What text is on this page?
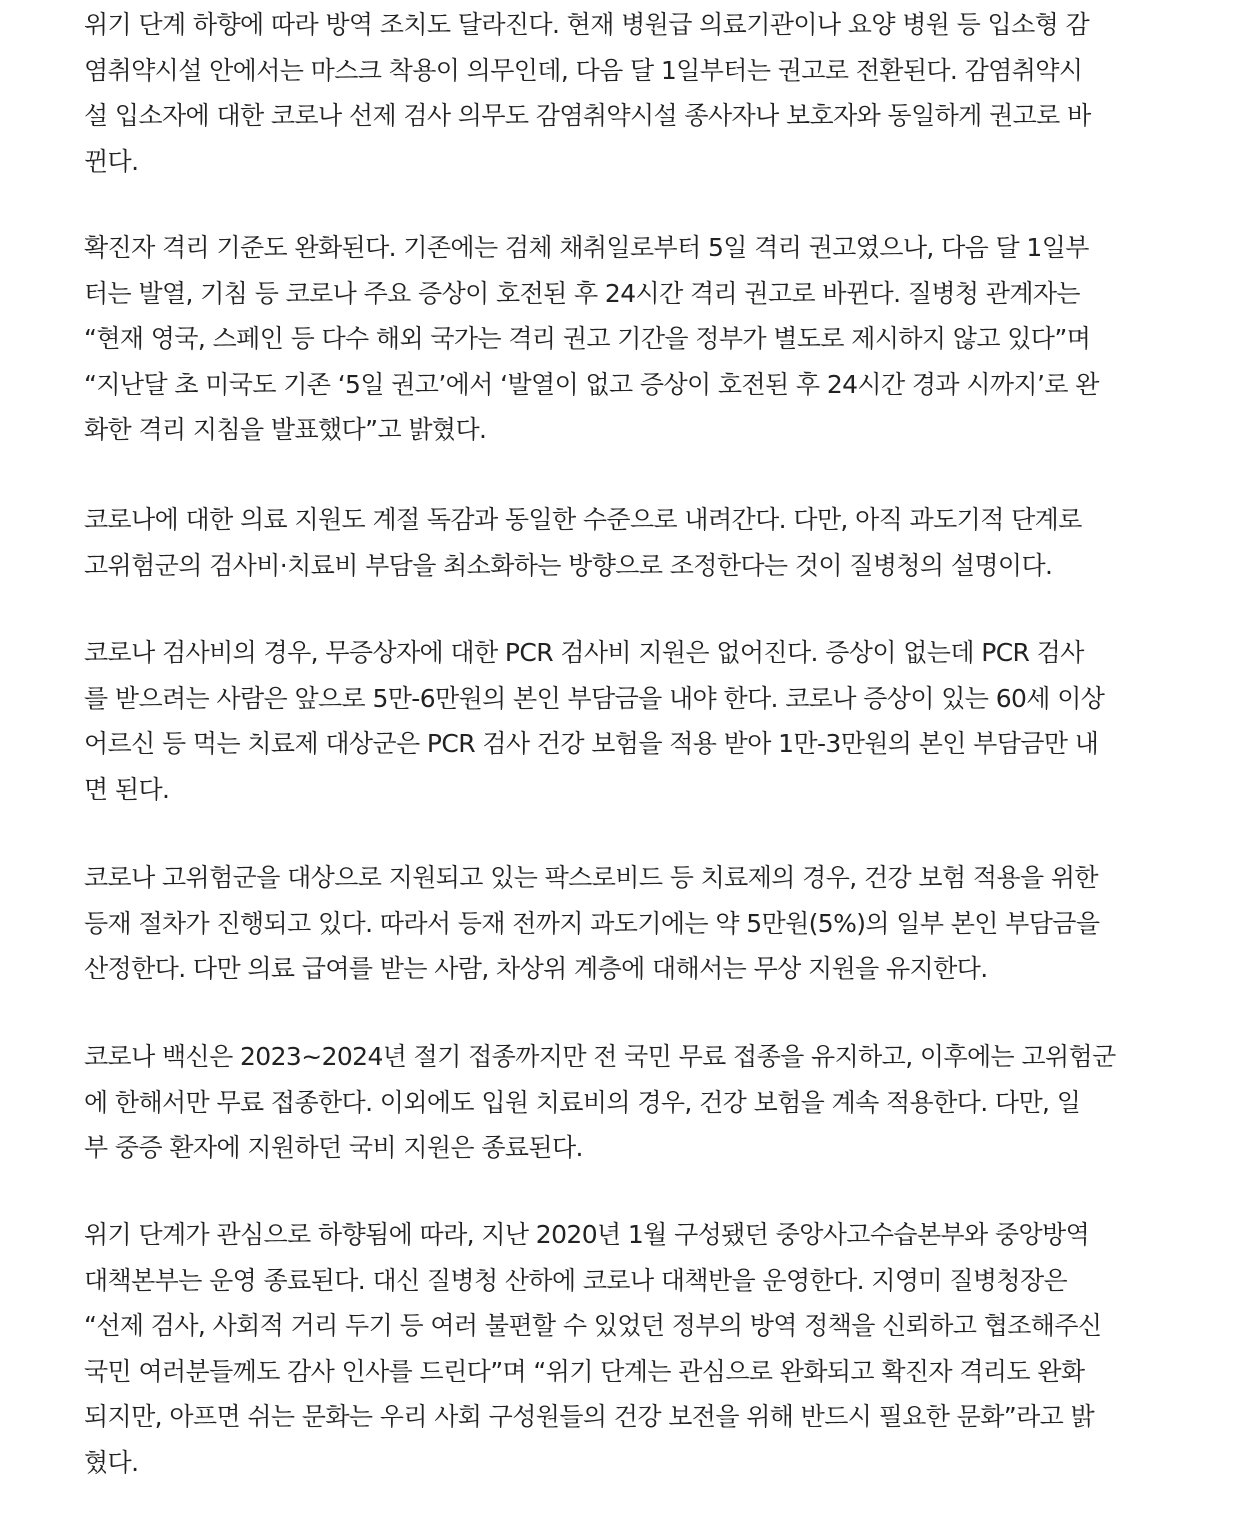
위기 단계 하향에 따라 방역 조치도 달라진다. 현재 병원급 의료기관이나 요양 병원 등 입소형 감
염취약시설 안에서는 마스크 착용이 의무인데, 다음 달 1일부터는 권고로 전환된다. 감염취약시
설 입소자에 대한 코로나 선제 검사 의무도 감염취약시설 종사자나 보호자와 동일하게 권고로 바
뀐다.

확진자 격리 기준도 완화된다. 기존에는 검체 채취일로부터 5일 격리 권고였으나, 다음 달 1일부
터는 발열, 기침 등 코로나 주요 증상이 호전된 후 24시간 격리 권고로 바뀐다. 질병청 관계자는
“현재 영국, 스페인 등 다수 해외 국가는 격리 권고 기간을 정부가 별도로 제시하지 않고 있다”며
“지난달 초 미국도 기존 ‘5일 권고’에서 ‘발열이 없고 증상이 호전된 후 24시간 경과 시까지’로 완
화한 격리 지침을 발표했다”고 밝혔다.

코로나에 대한 의료 지원도 계절 독감과 동일한 수준으로 내려간다. 다만, 아직 과도기적 단계로
고위험군의 검사비·치료비 부담을 최소화하는 방향으로 조정한다는 것이 질병청의 설명이다.

코로나 검사비의 경우, 무증상자에 대한 PCR 검사비 지원은 없어진다. 증상이 없는데 PCR 검사
를 받으려는 사람은 앞으로 5만-6만원의 본인 부담금을 내야 한다. 코로나 증상이 있는 60세 이상
어르신 등 먹는 치료제 대상군은 PCR 검사 건강 보험을 적용 받아 1만-3만원의 본인 부담금만 내
면 된다.

코로나 고위험군을 대상으로 지원되고 있는 팍스로비드 등 치료제의 경우, 건강 보험 적용을 위한
등재 절차가 진행되고 있다. 따라서 등재 전까지 과도기에는 약 5만원(5%)의 일부 본인 부담금을
산정한다. 다만 의료 급여를 받는 사람, 차상위 계층에 대해서는 무상 지원을 유지한다.

코로나 백신은 2023~2024년 절기 접종까지만 전 국민 무료 접종을 유지하고, 이후에는 고위험군
에 한해서만 무료 접종한다. 이외에도 입원 치료비의 경우, 건강 보험을 계속 적용한다. 다만, 일
부 중증 환자에 지원하던 국비 지원은 종료된다.

위기 단계가 관심으로 하향됨에 따라, 지난 2020년 1월 구성됐던 중앙사고수습본부와 중앙방역
대책본부는 운영 종료된다. 대신 질병청 산하에 코로나 대책반을 운영한다. 지영미 질병청장은
“선제 검사, 사회적 거리 두기 등 여러 불편할 수 있었던 정부의 방역 정책을 신뢰하고 협조해주신
국민 여러분들께도 감사 인사를 드린다”며 “위기 단계는 관심으로 완화되고 확진자 격리도 완화
되지만, 아프면 쉬는 문화는 우리 사회 구성원들의 건강 보전을 위해 반드시 필요한 문화”라고 밝
혔다.
